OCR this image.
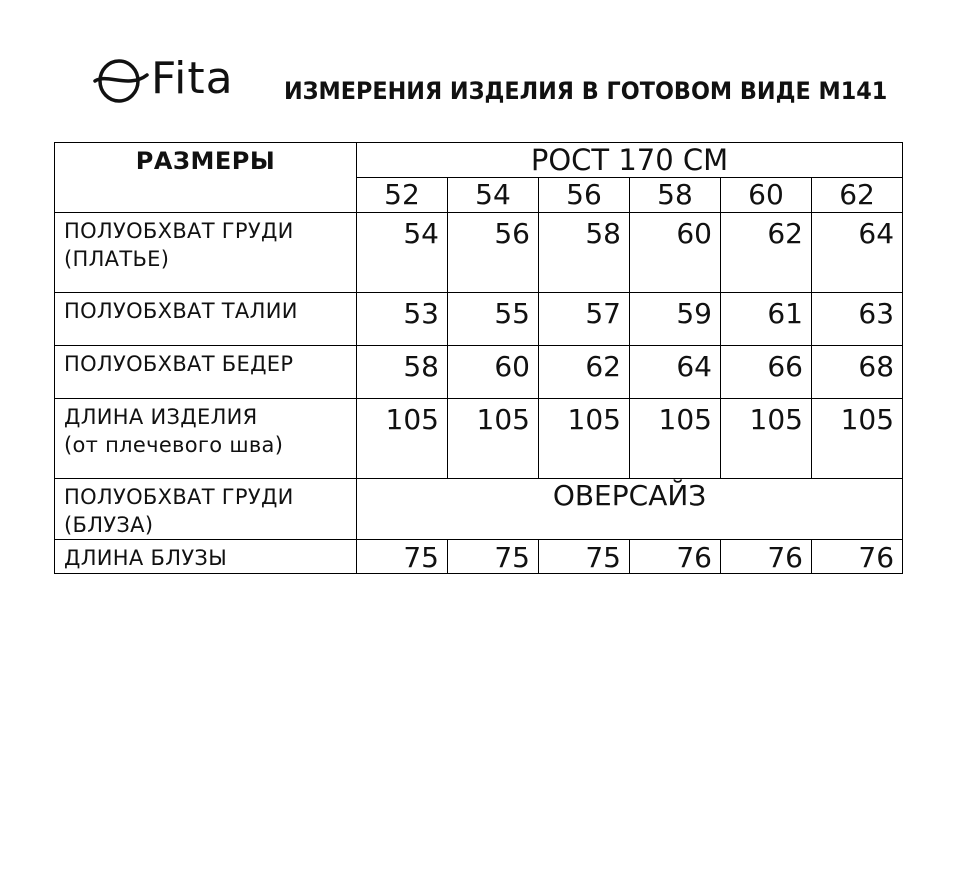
Fita ИЗМЕРЕНИЯ ИЗДЕЛИЯ В ГОТОВОМ ВИДЕ М141
РАЗМЕРЫ	РОСТ 170 СМ					
	52	54	56	58	60	62

ПОЛУОБХВАТ ГРУДИ
(ПЛАТЬЕ)	54	56	58	60	62	64

ПОЛУОБХВАТ ТАЛИИ	53	55	57	59	61	63

ПОЛУОБХВАТ БЕДЕР	58	60	62	64	66	68

ДЛИНА ИЗДЕЛИЯ
(от плечевого шва)	105	105	105	105	105	105

ПОЛУОБХВАТ ГРУДИ
(БЛУЗА)	ОВЕРСАЙЗ					

ДЛИНА БЛУЗЫ	75	75	75	76	76	76
